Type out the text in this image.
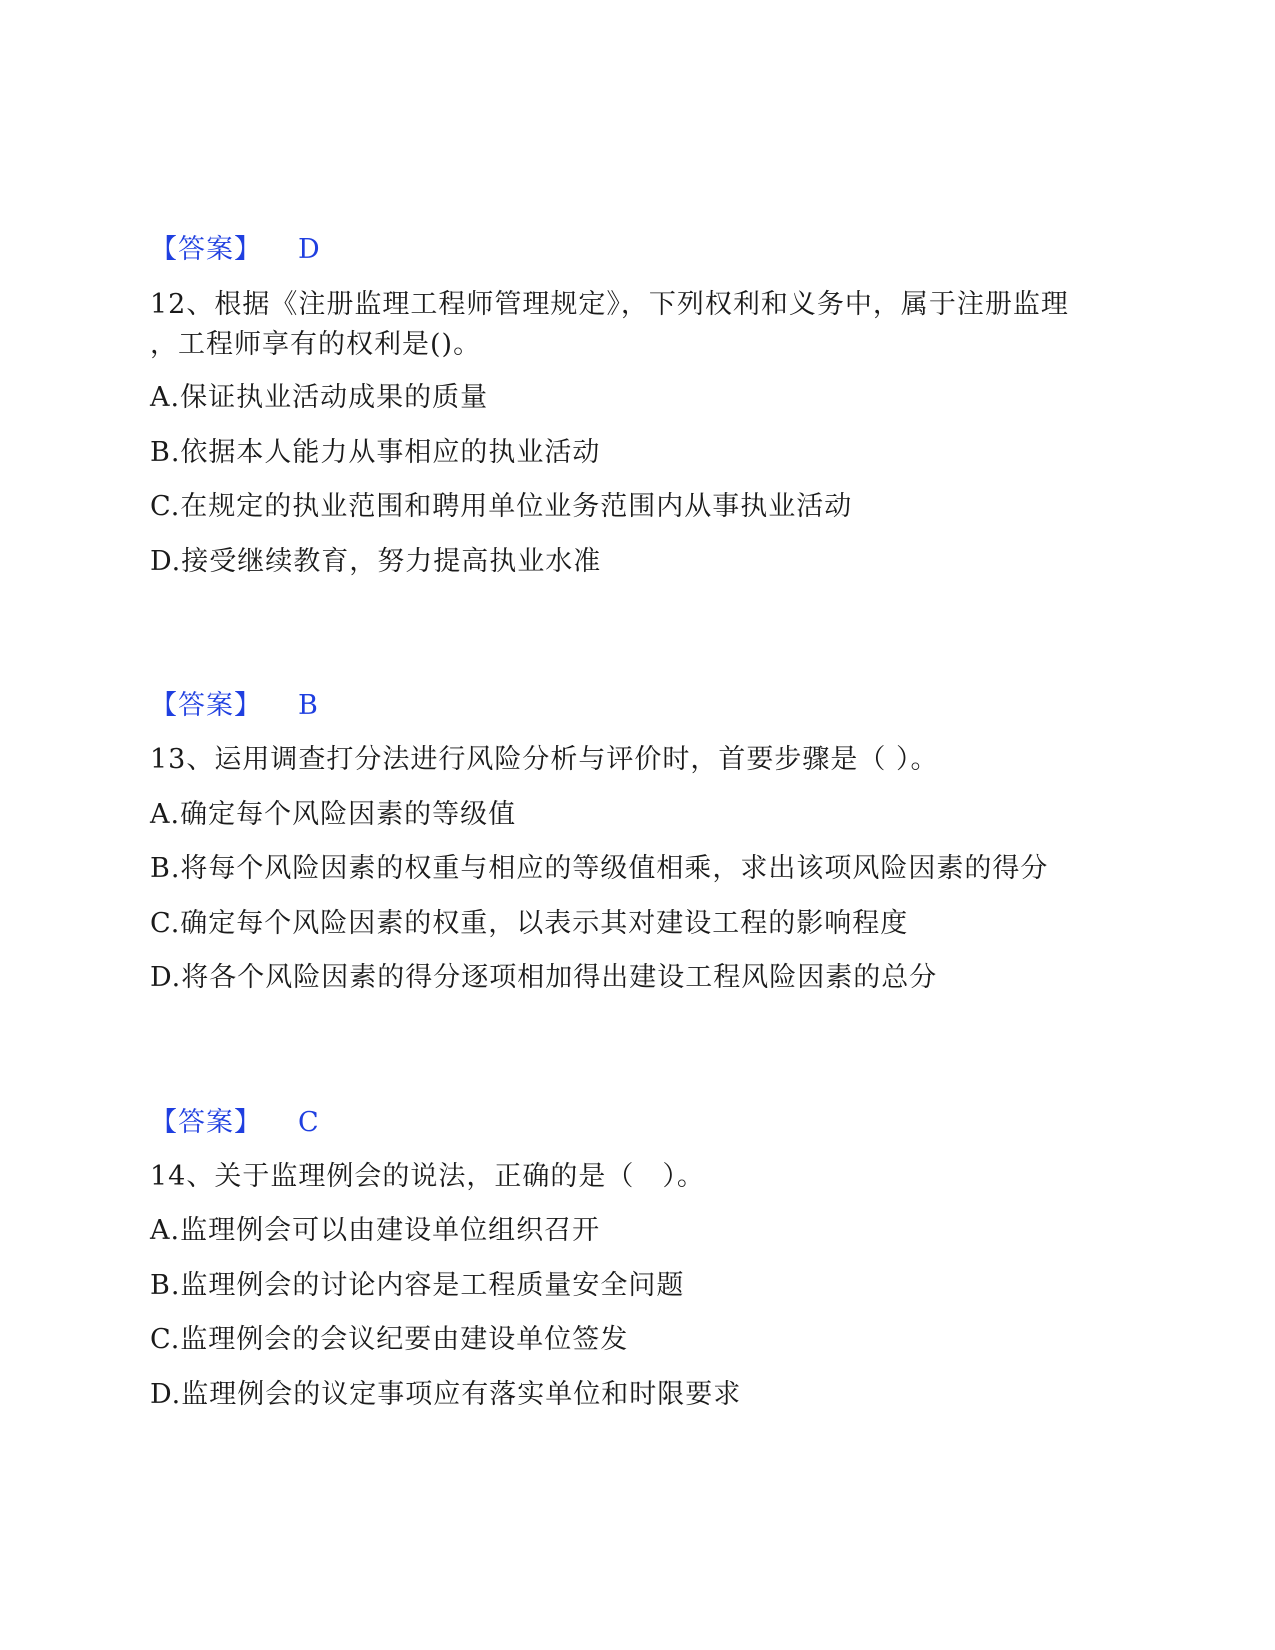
【答案】 D
12、根据《注册监理工程师管理规定》，下列权利和义务中，属于注册监理
，工程师享有的权利是()。
A.保证执业活动成果的质量
B.依据本人能力从事相应的执业活动
C.在规定的执业范围和聘用单位业务范围内从事执业活动
D.接受继续教育，努力提高执业水准
【答案】 B
13、运用调查打分法进行风险分析与评价时，首要步骤是（ ）。
A.确定每个风险因素的等级值
B.将每个风险因素的权重与相应的等级值相乘，求出该项风险因素的得分
C.确定每个风险因素的权重，以表示其对建设工程的影响程度
D.将各个风险因素的得分逐项相加得出建设工程风险因素的总分
【答案】 C
14、关于监理例会的说法，正确的是（　）。
A.监理例会可以由建设单位组织召开
B.监理例会的讨论内容是工程质量安全问题
C.监理例会的会议纪要由建设单位签发
D.监理例会的议定事项应有落实单位和时限要求
